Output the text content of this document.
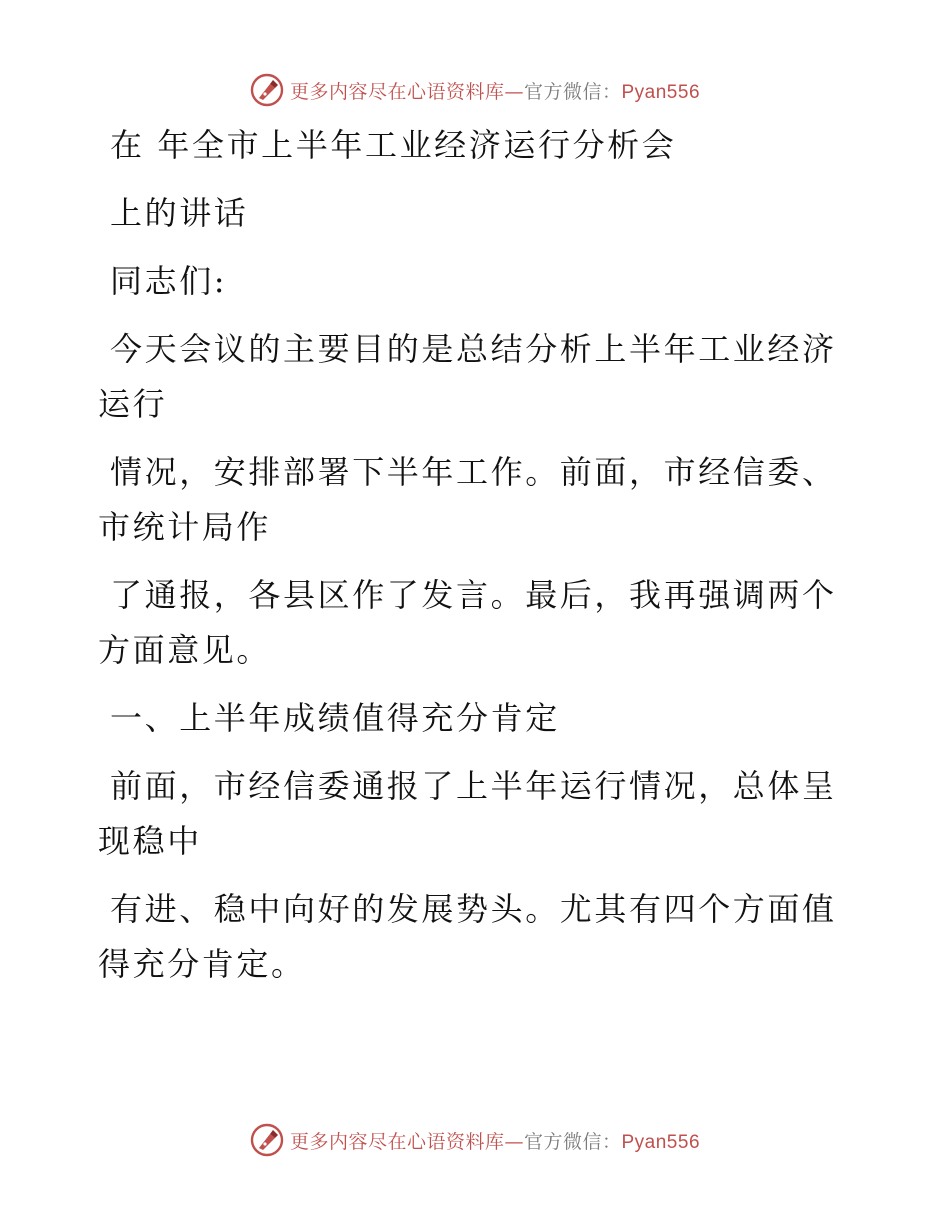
更多内容尽在心语资料库—官方微信：Pyan556

在 年全市上半年工业经济运行分析会

上的讲话

同志们:

今天会议的主要目的是总结分析上半年工业经济

运行

情况，安排部署下半年工作。前面，市经信委、

市统计局作

了通报，各县区作了发言。最后，我再强调两个

方面意见。

一、上半年成绩值得充分肯定

前面，市经信委通报了上半年运行情况，总体呈

现稳中

有进、稳中向好的发展势头。尤其有四个方面值

得充分肯定。

更多内容尽在心语资料库—官方微信：Pyan556
